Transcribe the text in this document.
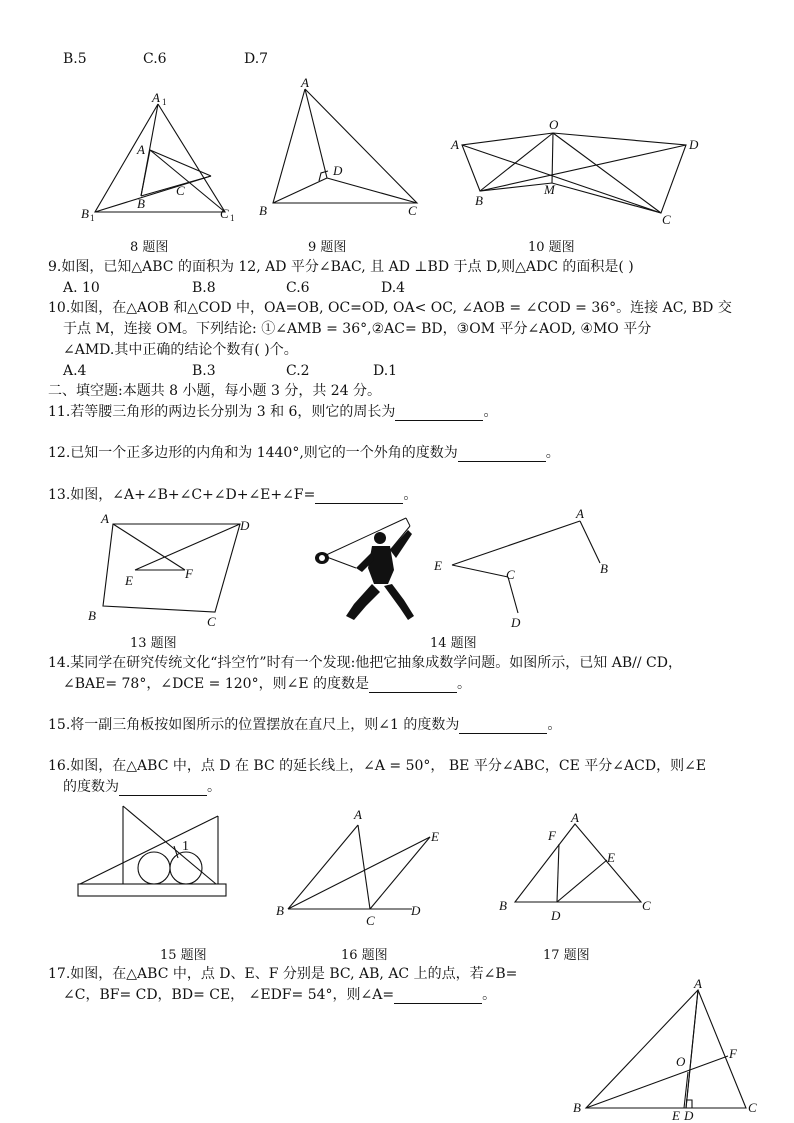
B.5	C.6	D.7
A 1
A
B 1
B
C
C 1
8 题图
A
B	C
D
9 题图
O
A	D
B
M
C
10 题图
9.如图，已知△ABC 的面积为 12, AD 平分∠BAC, 且 AD ⊥BD 于点 D,则△ADC 的面积是( )
A. 10	B.8	C.6	D.4
10.如图，在△AOB 和△COD 中，OA=OB, OC=OD, OA< OC, ∠AOB = ∠COD = 36°。连接 AC, BD 交
于点 M，连接 OM。下列结论: ①∠AMB = 36°,②AC= BD，③OM 平分∠AOD, ④MO 平分
∠AMD.其中正确的结论个数有( )个。
A.4	B.3	C.2	D.1
二、填空题:本题共 8 小题，每小题 3 分，共 24 分。
11.若等腰三角形的两边长分别为 3 和 6，则它的周长为	。
12.已知一个正多边形的内角和为 1440°,则它的一个外角的度数为	。
13.如图，∠A+∠B+∠C+∠D+∠E+∠F=	。
A	D
E	F
B	C
13 题图
A
B
E
C
D
14 题图
14.某同学在研究传统文化“抖空竹”时有一个发现:他把它抽象成数学问题。如图所示，已知 AB// CD，
∠BAE= 78°，∠DCE = 120°，则∠E 的度数是	。
15.将一副三角板按如图所示的位置摆放在直尺上，则∠1 的度数为	。
16.如图，在△ABC 中，点 D 在 BC 的延长线上，∠A = 50°， BE 平分∠ABC，CE 平分∠ACD，则∠E
的度数为	。
1
15 题图
A
E
B
C
D
16 题图
F
A
E
B
D
C
17 题图
17.如图，在△ABC 中，点 D、E、F 分别是 BC, AB, AC 上的点，若∠B=
∠C，BF= CD，BD= CE， ∠EDF= 54°，则∠A=	。
A
O
F
B
E D
C
